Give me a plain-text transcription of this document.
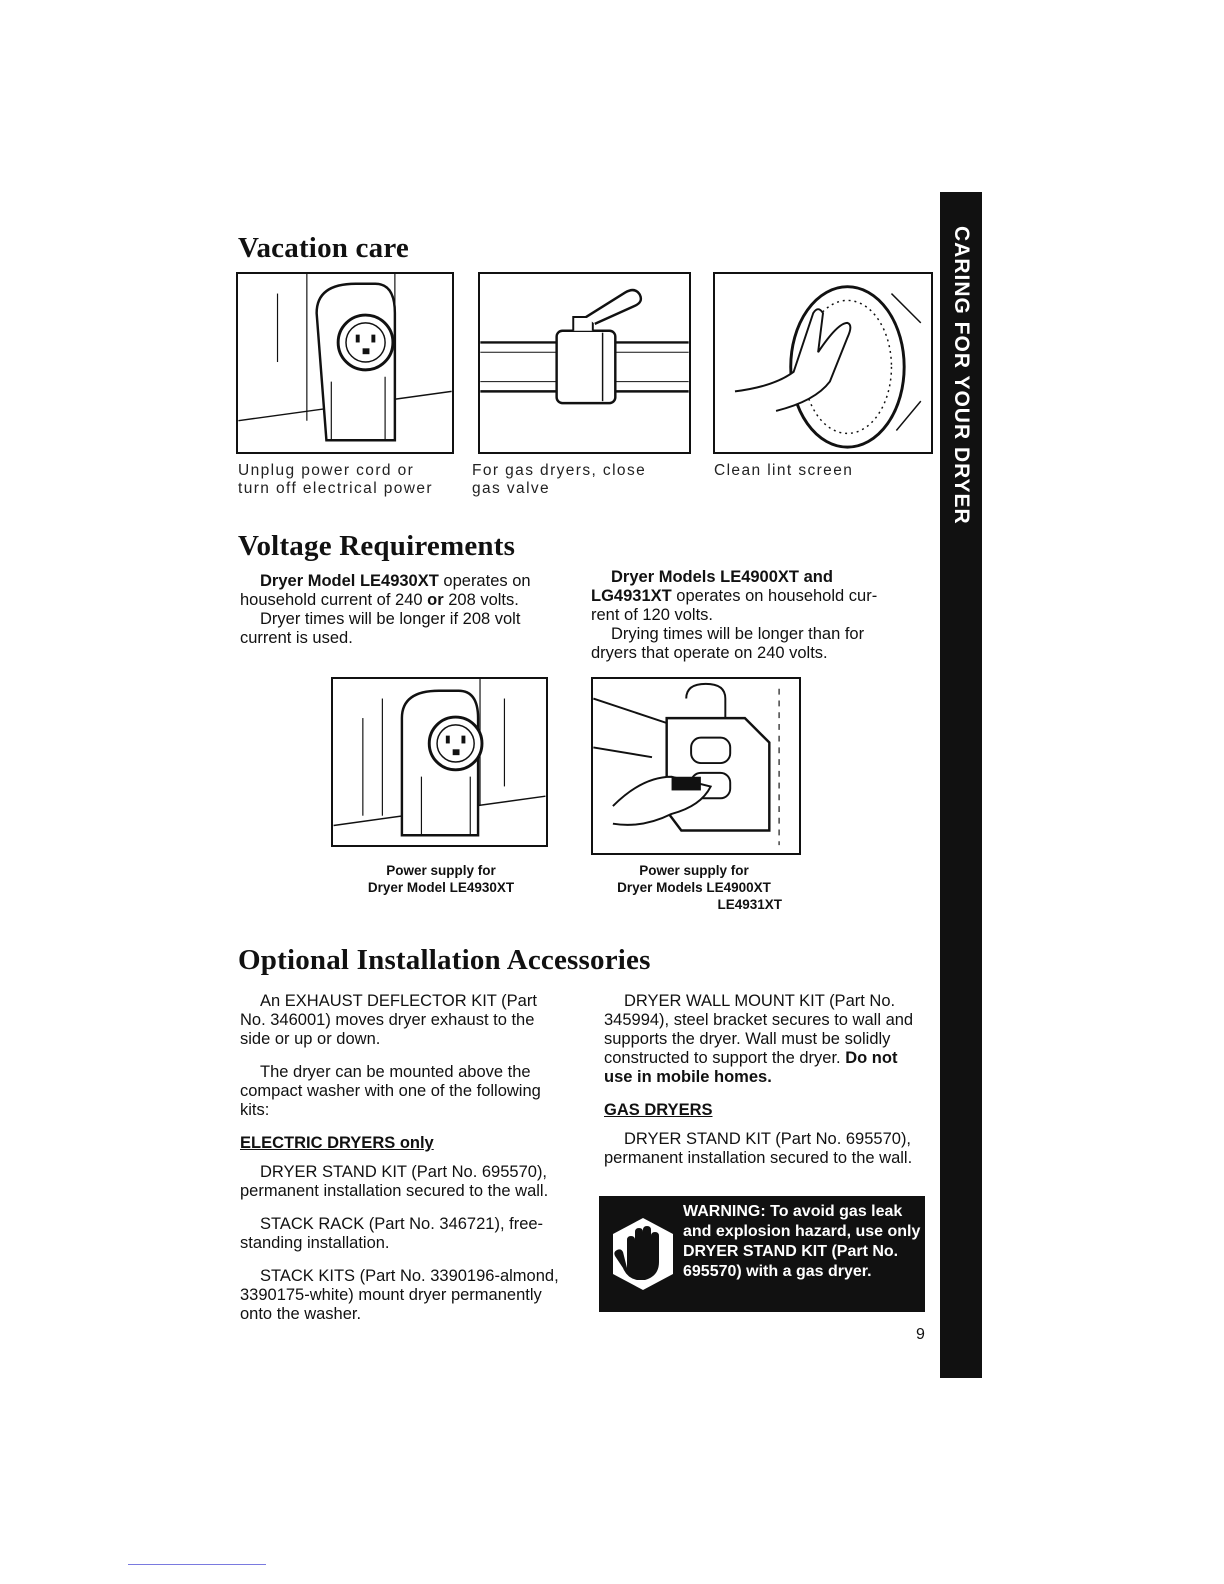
CARING FOR YOUR DRYER
Vacation care
Unplug power cord or
turn off electrical power
For gas dryers, close
gas valve
Clean lint screen
Voltage Requirements
Dryer Model LE4930XT operates on
household current of 240 or 208 volts.
Dryer times will be longer if 208 volt current is used.
Dryer Models LE4900XT and
LG4931XT operates on household cur-
rent of 120 volts.
Drying times will be longer than for dryers that operate on 240 volts.
Power supply for
Dryer Model LE4930XT
Power supply for
Dryer Models LE4900XT
LE4931XT
Optional Installation Accessories

An EXHAUST DEFLECTOR KIT (Part No. 346001) moves dryer exhaust to the side or up or down.

The dryer can be mounted above the compact washer with one of the following kits:

ELECTRIC DRYERS only

DRYER STAND KIT (Part No. 695570), permanent installation secured to the wall.

STACK RACK (Part No. 346721), free-standing installation.

STACK KITS (Part No. 3390196-almond, 3390175-white) mount dryer permanently onto the washer.

DRYER WALL MOUNT KIT (Part No. 345994), steel bracket secures to wall and supports the dryer. Wall must be solidly constructed to support the dryer. Do not use in mobile homes.

GAS DRYERS

DRYER STAND KIT (Part No. 695570), permanent installation secured to the wall.

WARNING: To avoid gas leak and explosion hazard, use only DRYER STAND KIT (Part No. 695570) with a gas dryer.
9
